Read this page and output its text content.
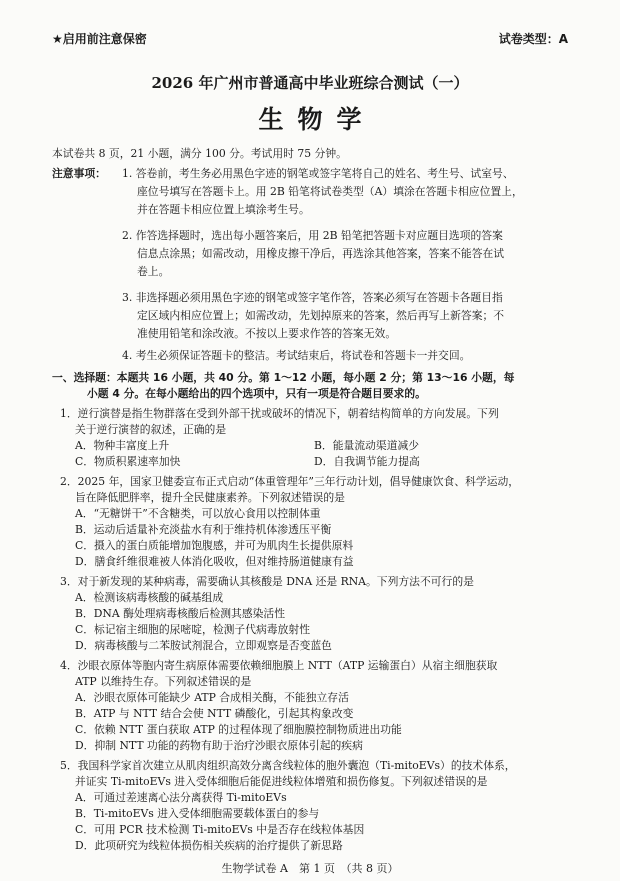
★启用前注意保密	试卷类型：A
2026 年广州市普通高中毕业班综合测试（一）
生物学
本试卷共 8 页，21 小题，满分 100 分。考试用时 75 分钟。
注意事项： 1. 答卷前，考生务必用黑色字迹的钢笔或签字笔将自己的姓名、考生号、试室号、
座位号填写在答题卡上。用 2B 铅笔将试卷类型（A）填涂在答题卡相应位置上，
并在答题卡相应位置上填涂考生号。
2. 作答选择题时，选出每小题答案后，用 2B 铅笔把答题卡对应题目选项的答案
信息点涂黑；如需改动，用橡皮擦干净后，再选涂其他答案，答案不能答在试
卷上。
3. 非选择题必须用黑色字迹的钢笔或签字笔作答，答案必须写在答题卡各题目指
定区域内相应位置上；如需改动，先划掉原来的答案，然后再写上新答案；不
准使用铅笔和涂改液。不按以上要求作答的答案无效。
4. 考生必须保证答题卡的整洁。考试结束后，将试卷和答题卡一并交回。
一、选择题：本题共 16 小题，共 40 分。第 1～12 小题，每小题 2 分；第 13～16 小题，每
小题 4 分。在每小题给出的四个选项中，只有一项是符合题目要求的。
1．逆行演替是指生物群落在受到外部干扰或破坏的情况下，朝着结构简单的方向发展。下列
关于逆行演替的叙述，正确的是
A．物种丰富度上升	B．能量流动渠道减少
C．物质积累速率加快	D．自我调节能力提高
2．2025 年，国家卫健委宣布正式启动“体重管理年”三年行动计划，倡导健康饮食、科学运动，
旨在降低肥胖率，提升全民健康素养。下列叙述错误的是
A．“无糖饼干”不含糖类，可以放心食用以控制体重
B．运动后适量补充淡盐水有利于维持机体渗透压平衡
C．摄入的蛋白质能增加饱腹感，并可为肌肉生长提供原料
D．膳食纤维很难被人体消化吸收，但对维持肠道健康有益
3．对于新发现的某种病毒，需要确认其核酸是 DNA 还是 RNA。下列方法不可行的是
A．检测该病毒核酸的碱基组成
B．DNA 酶处理病毒核酸后检测其感染活性
C．标记宿主细胞的尿嘧啶，检测子代病毒放射性
D．病毒核酸与二苯胺试剂混合，立即观察是否变蓝色
4．沙眼衣原体等胞内寄生病原体需要依赖细胞膜上 NTT（ATP 运输蛋白）从宿主细胞获取
ATP 以维持生存。下列叙述错误的是
A．沙眼衣原体可能缺少 ATP 合成相关酶，不能独立存活
B．ATP 与 NTT 结合会使 NTT 磷酸化，引起其构象改变
C．依赖 NTT 蛋白获取 ATP 的过程体现了细胞膜控制物质进出功能
D．抑制 NTT 功能的药物有助于治疗沙眼衣原体引起的疾病
5．我国科学家首次建立从肌肉组织高效分离含线粒体的胞外囊泡（Ti-mitoEVs）的技术体系，
并证实 Ti-mitoEVs 进入受体细胞后能促进线粒体增殖和损伤修复。下列叙述错误的是
A．可通过差速离心法分离获得 Ti-mitoEVs
B．Ti-mitoEVs 进入受体细胞需要载体蛋白的参与
C．可用 PCR 技术检测 Ti-mitoEVs 中是否存在线粒体基因
D．此项研究为线粒体损伤相关疾病的治疗提供了新思路
生物学试卷 A　第 1 页　（共 8 页）
